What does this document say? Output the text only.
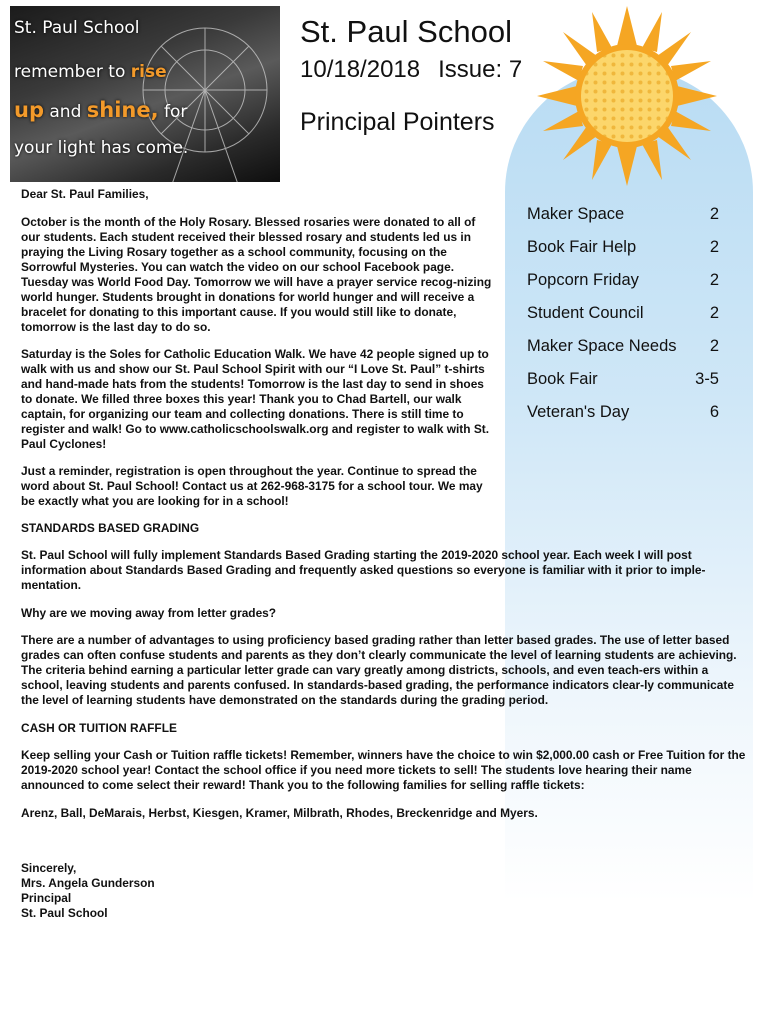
St. Paul School
remember to rise
up and shine, for
your light has come.
St. Paul School
10/18/2018 Issue: 7
Principal Pointers
Maker Space	2
Book Fair Help	2
Popcorn Friday	2
Student Council	2
Maker Space Needs 2
Book Fair	3-5
Veteran's Day	6
Dear St. Paul Families,
October is the month of the Holy Rosary. Blessed rosaries were donated to all of our students. Each student received their blessed rosary and students led us in praying the Living Rosary together as a school community, focusing on the Sorrowful Mysteries. You can watch the video on our school Facebook page. Tuesday was World Food Day. Tomorrow we will have a prayer service recog-nizing world hunger. Students brought in donations for world hunger and will receive a bracelet for donating to this important cause. If you would still like to donate, tomorrow is the last day to do so.
Saturday is the Soles for Catholic Education Walk. We have 42 people signed up to walk with us and show our St. Paul School Spirit with our “I Love St. Paul” t-shirts and hand-made hats from the students! Tomorrow is the last day to send in shoes to donate. We filled three boxes this year! Thank you to Chad Bartell, our walk captain, for organizing our team and collecting donations. There is still time to register and walk! Go to www.catholicschoolswalk.org and register to walk with St. Paul Cyclones!
Just a reminder, registration is open throughout the year. Continue to spread the word about St. Paul School! Contact us at 262-968-3175 for a school tour. We may be exactly what you are looking for in a school!
STANDARDS BASED GRADING
St. Paul School will fully implement Standards Based Grading starting the 2019-2020 school year. Each week I will post information about Standards Based Grading and frequently asked questions so everyone is familiar with it prior to imple-mentation.
Why are we moving away from letter grades?
There are a number of advantages to using proficiency based grading rather than letter based grades. The use of letter based grades can often confuse students and parents as they don’t clearly communicate the level of learning students are achieving. The criteria behind earning a particular letter grade can vary greatly among districts, schools, and even teach-ers within a school, leaving students and parents confused. In standards-based grading, the performance indicators clear-ly communicate the level of learning students have demonstrated on the standards during the grading period.
CASH OR TUITION RAFFLE
Keep selling your Cash or Tuition raffle tickets! Remember, winners have the choice to win $2,000.00 cash or Free Tuition for the 2019-2020 school year! Contact the school office if you need more tickets to sell! The students love hearing their name announced to come select their reward! Thank you to the following families for selling raffle tickets:
Arenz, Ball, DeMarais, Herbst, Kiesgen, Kramer, Milbrath, Rhodes, Breckenridge and Myers.
Sincerely,
Mrs. Angela Gunderson
Principal
St. Paul School
